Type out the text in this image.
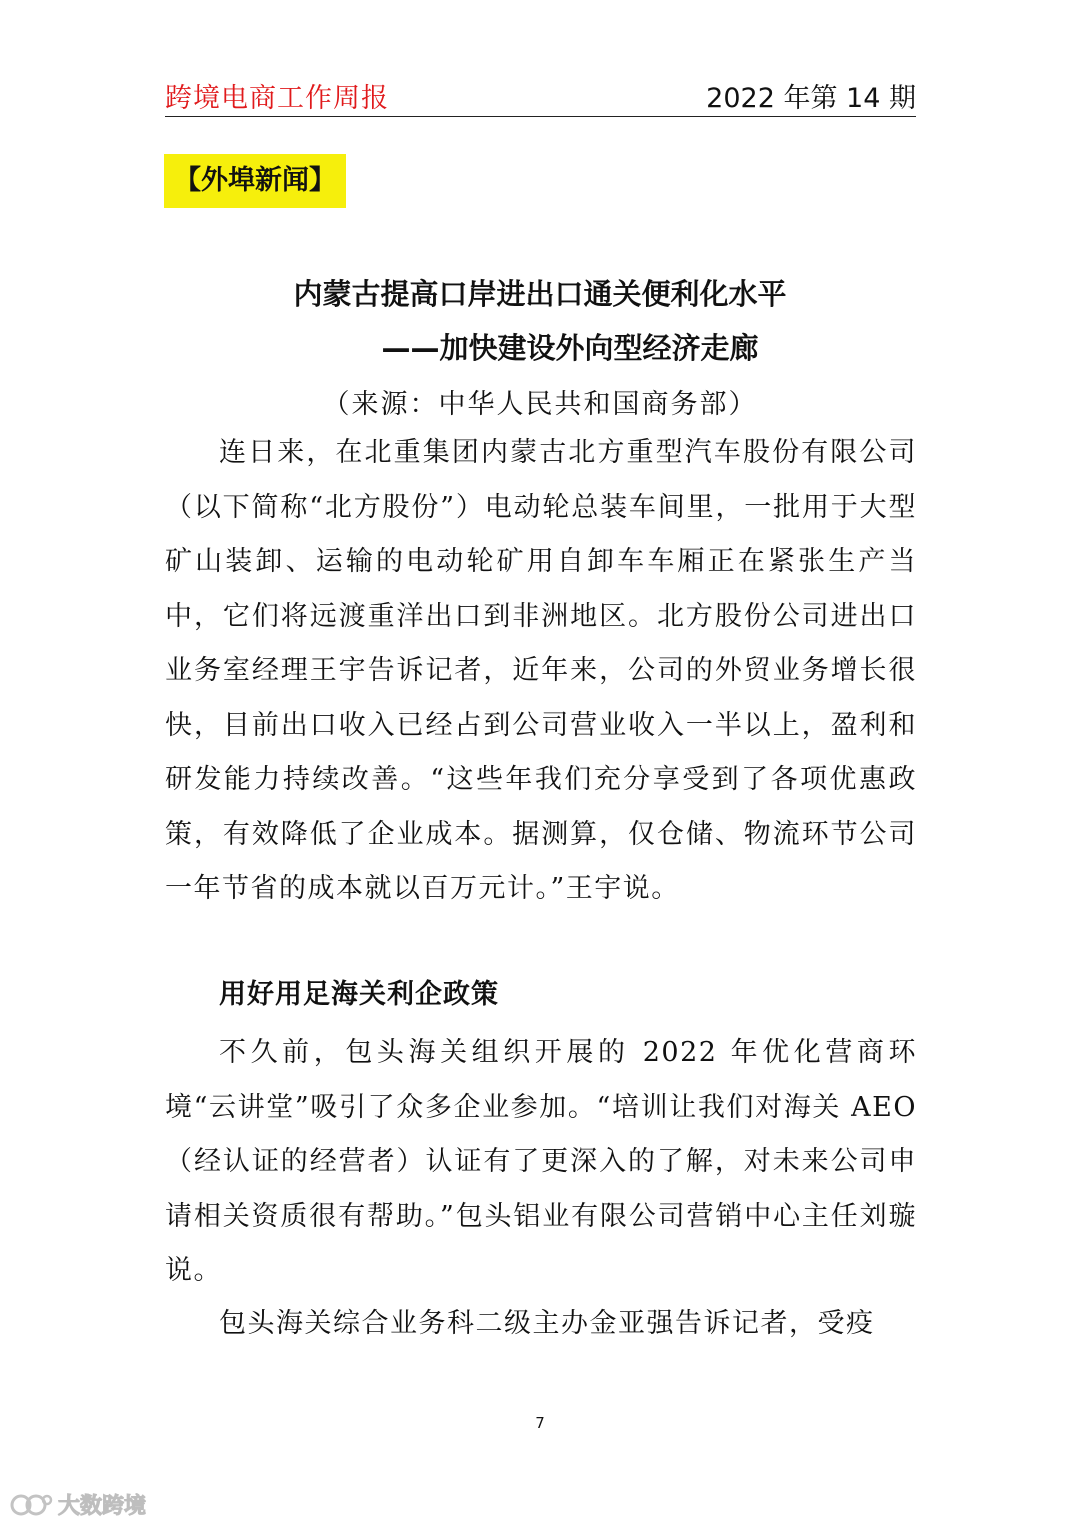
跨境电商工作周报	2022 年第 14 期
【外埠新闻】
内蒙古提高口岸进出口通关便利化水平
——加快建设外向型经济走廊
（来源：中华人民共和国商务部）

连日来，在北重集团内蒙古北方重型汽车股份有限公司（以下简称“北方股份”）电动轮总装车间里，一批用于大型矿山装卸、运输的电动轮矿用自卸车车厢正在紧张生产当中，它们将远渡重洋出口到非洲地区。北方股份公司进出口业务室经理王宇告诉记者，近年来，公司的外贸业务增长很快，目前出口收入已经占到公司营业收入一半以上，盈利和研发能力持续改善。“这些年我们充分享受到了各项优惠政策，有效降低了企业成本。据测算，仅仓储、物流环节公司一年节省的成本就以百万元计。”王宇说。

用好用足海关利企政策

不久前，包头海关组织开展的 2022 年优化营商环境“云讲堂”吸引了众多企业参加。“培训让我们对海关 AEO（经认证的经营者）认证有了更深入的了解，对未来公司申请相关资质很有帮助。”包头铝业有限公司营销中心主任刘璇说。

包头海关综合业务科二级主办金亚强告诉记者，受疫

7
大数跨境
